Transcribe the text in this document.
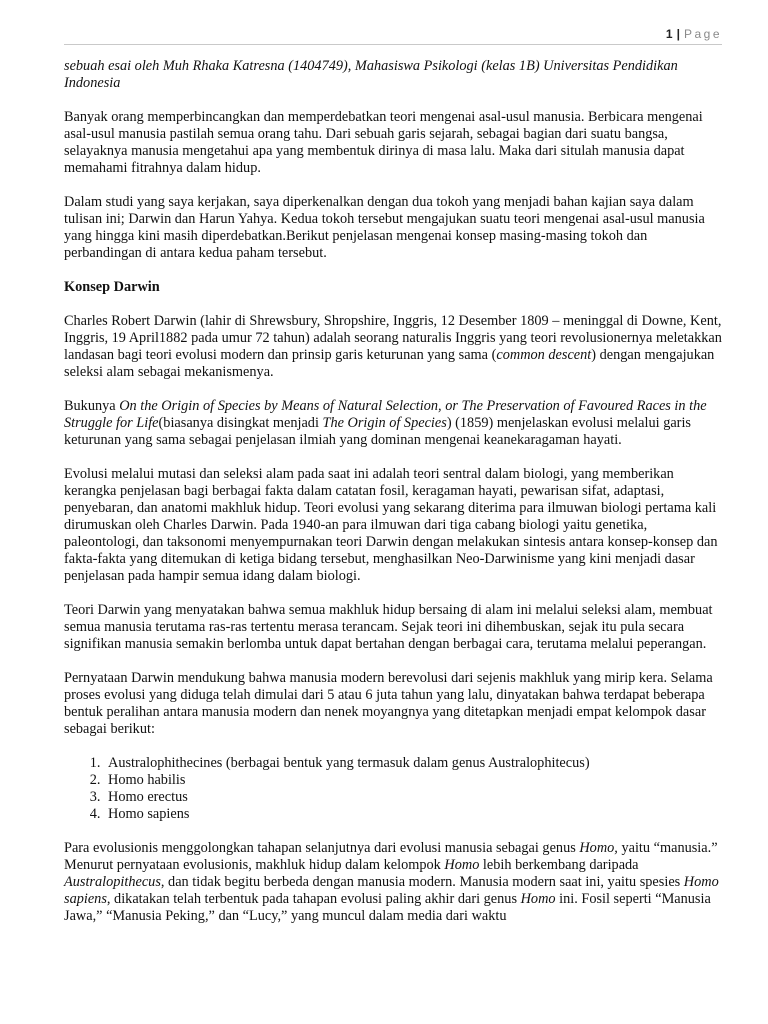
1 | Page

sebuah esai oleh Muh Rhaka Katresna (1404749), Mahasiswa Psikologi (kelas 1B) Universitas Pendidikan Indonesia

Banyak orang memperbincangkan dan memperdebatkan teori mengenai asal-usul manusia. Berbicara mengenai asal-usul manusia pastilah semua orang tahu. Dari sebuah garis sejarah, sebagai bagian dari suatu bangsa, selayaknya manusia mengetahui apa yang membentuk dirinya di masa lalu. Maka dari situlah manusia dapat memahami fitrahnya dalam hidup.

Dalam studi yang saya kerjakan, saya diperkenalkan dengan dua tokoh yang menjadi bahan kajian saya dalam tulisan ini; Darwin dan Harun Yahya. Kedua tokoh tersebut mengajukan suatu teori mengenai asal-usul manusia yang hingga kini masih diperdebatkan.Berikut penjelasan mengenai konsep masing-masing tokoh dan perbandingan di antara kedua paham tersebut.

Konsep Darwin

Charles Robert Darwin (lahir di Shrewsbury, Shropshire, Inggris, 12 Desember 1809 – meninggal di Downe, Kent, Inggris, 19 April1882 pada umur 72 tahun) adalah seorang naturalis Inggris yang teori revolusionernya meletakkan landasan bagi teori evolusi modern dan prinsip garis keturunan yang sama (common descent) dengan mengajukan seleksi alam sebagai mekanismenya.

Bukunya On the Origin of Species by Means of Natural Selection, or The Preservation of Favoured Races in the Struggle for Life(biasanya disingkat menjadi The Origin of Species) (1859) menjelaskan evolusi melalui garis keturunan yang sama sebagai penjelasan ilmiah yang dominan mengenai keanekaragaman hayati.

Evolusi melalui mutasi dan seleksi alam pada saat ini adalah teori sentral dalam biologi, yang memberikan kerangka penjelasan bagi berbagai fakta dalam catatan fosil, keragaman hayati, pewarisan sifat, adaptasi, penyebaran, dan anatomi makhluk hidup. Teori evolusi yang sekarang diterima para ilmuwan biologi pertama kali dirumuskan oleh Charles Darwin. Pada 1940-an para ilmuwan dari tiga cabang biologi yaitu genetika, paleontologi, dan taksonomi menyempurnakan teori Darwin dengan melakukan sintesis antara konsep-konsep dan fakta-fakta yang ditemukan di ketiga bidang tersebut, menghasilkan Neo-Darwinisme yang kini menjadi dasar penjelasan pada hampir semua idang dalam biologi.

Teori Darwin yang menyatakan bahwa semua makhluk hidup bersaing di alam ini melalui seleksi alam, membuat semua manusia terutama ras-ras tertentu merasa terancam. Sejak teori ini dihembuskan, sejak itu pula secara signifikan manusia semakin berlomba untuk dapat bertahan dengan berbagai cara, terutama melalui peperangan.

Pernyataan Darwin mendukung bahwa manusia modern berevolusi dari sejenis makhluk yang mirip kera. Selama proses evolusi yang diduga telah dimulai dari 5 atau 6 juta tahun yang lalu, dinyatakan bahwa terdapat beberapa bentuk peralihan antara manusia modern dan nenek moyangnya yang ditetapkan menjadi empat kelompok dasar sebagai berikut:

1. Australophithecines (berbagai bentuk yang termasuk dalam genus Australophitecus)
2. Homo habilis
3. Homo erectus
4. Homo sapiens

Para evolusionis menggolongkan tahapan selanjutnya dari evolusi manusia sebagai genus Homo, yaitu “manusia.” Menurut pernyataan evolusionis, makhluk hidup dalam kelompok Homo lebih berkembang daripada Australopithecus, dan tidak begitu berbeda dengan manusia modern. Manusia modern saat ini, yaitu spesies Homo sapiens, dikatakan telah terbentuk pada tahapan evolusi paling akhir dari genus Homo ini. Fosil seperti “Manusia Jawa,” “Manusia Peking,” dan “Lucy,” yang muncul dalam media dari waktu
